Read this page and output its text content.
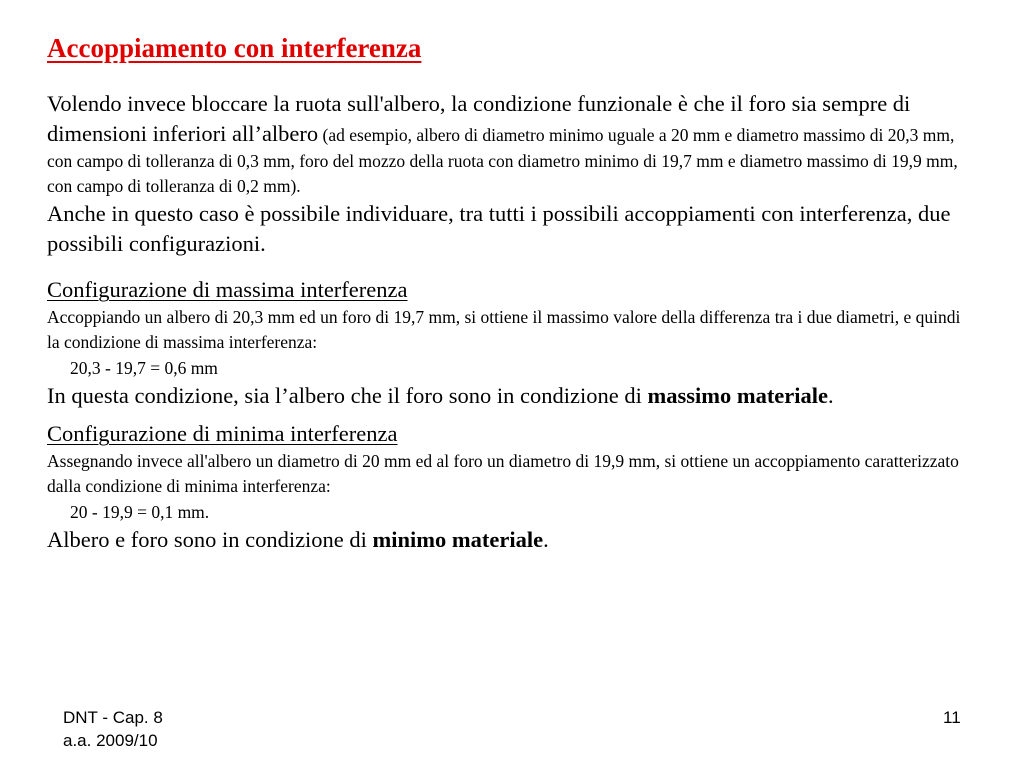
Accoppiamento con interferenza

Volendo invece bloccare la ruota sull'albero, la condizione funzionale è che il foro sia sempre di dimensioni inferiori all’albero (ad esempio, albero di diametro minimo uguale a 20 mm e diametro massimo di 20,3 mm, con campo di tolleranza di 0,3 mm, foro del mozzo della ruota con diametro minimo di 19,7 mm e diametro massimo di 19,9 mm, con campo di tolleranza di 0,2 mm).

Anche in questo caso è possibile individuare, tra tutti i possibili accoppiamenti con interferenza, due possibili configurazioni.

Configurazione di massima interferenza

Accoppiando un albero di 20,3 mm ed un foro di 19,7 mm, si ottiene il massimo valore della differenza tra i due diametri, e quindi la condizione di massima interferenza:

20,3 - 19,7 = 0,6 mm

In questa condizione, sia l’albero che il foro sono in condizione di massimo materiale.

Configurazione di minima interferenza

Assegnando invece all'albero un diametro di 20 mm ed al foro un diametro di 19,9 mm, si ottiene un accoppiamento caratterizzato dalla condizione di minima interferenza:

20 - 19,9 = 0,1 mm.

Albero e foro sono in condizione di minimo materiale.

DNT - Cap. 8
a.a. 2009/10
11
